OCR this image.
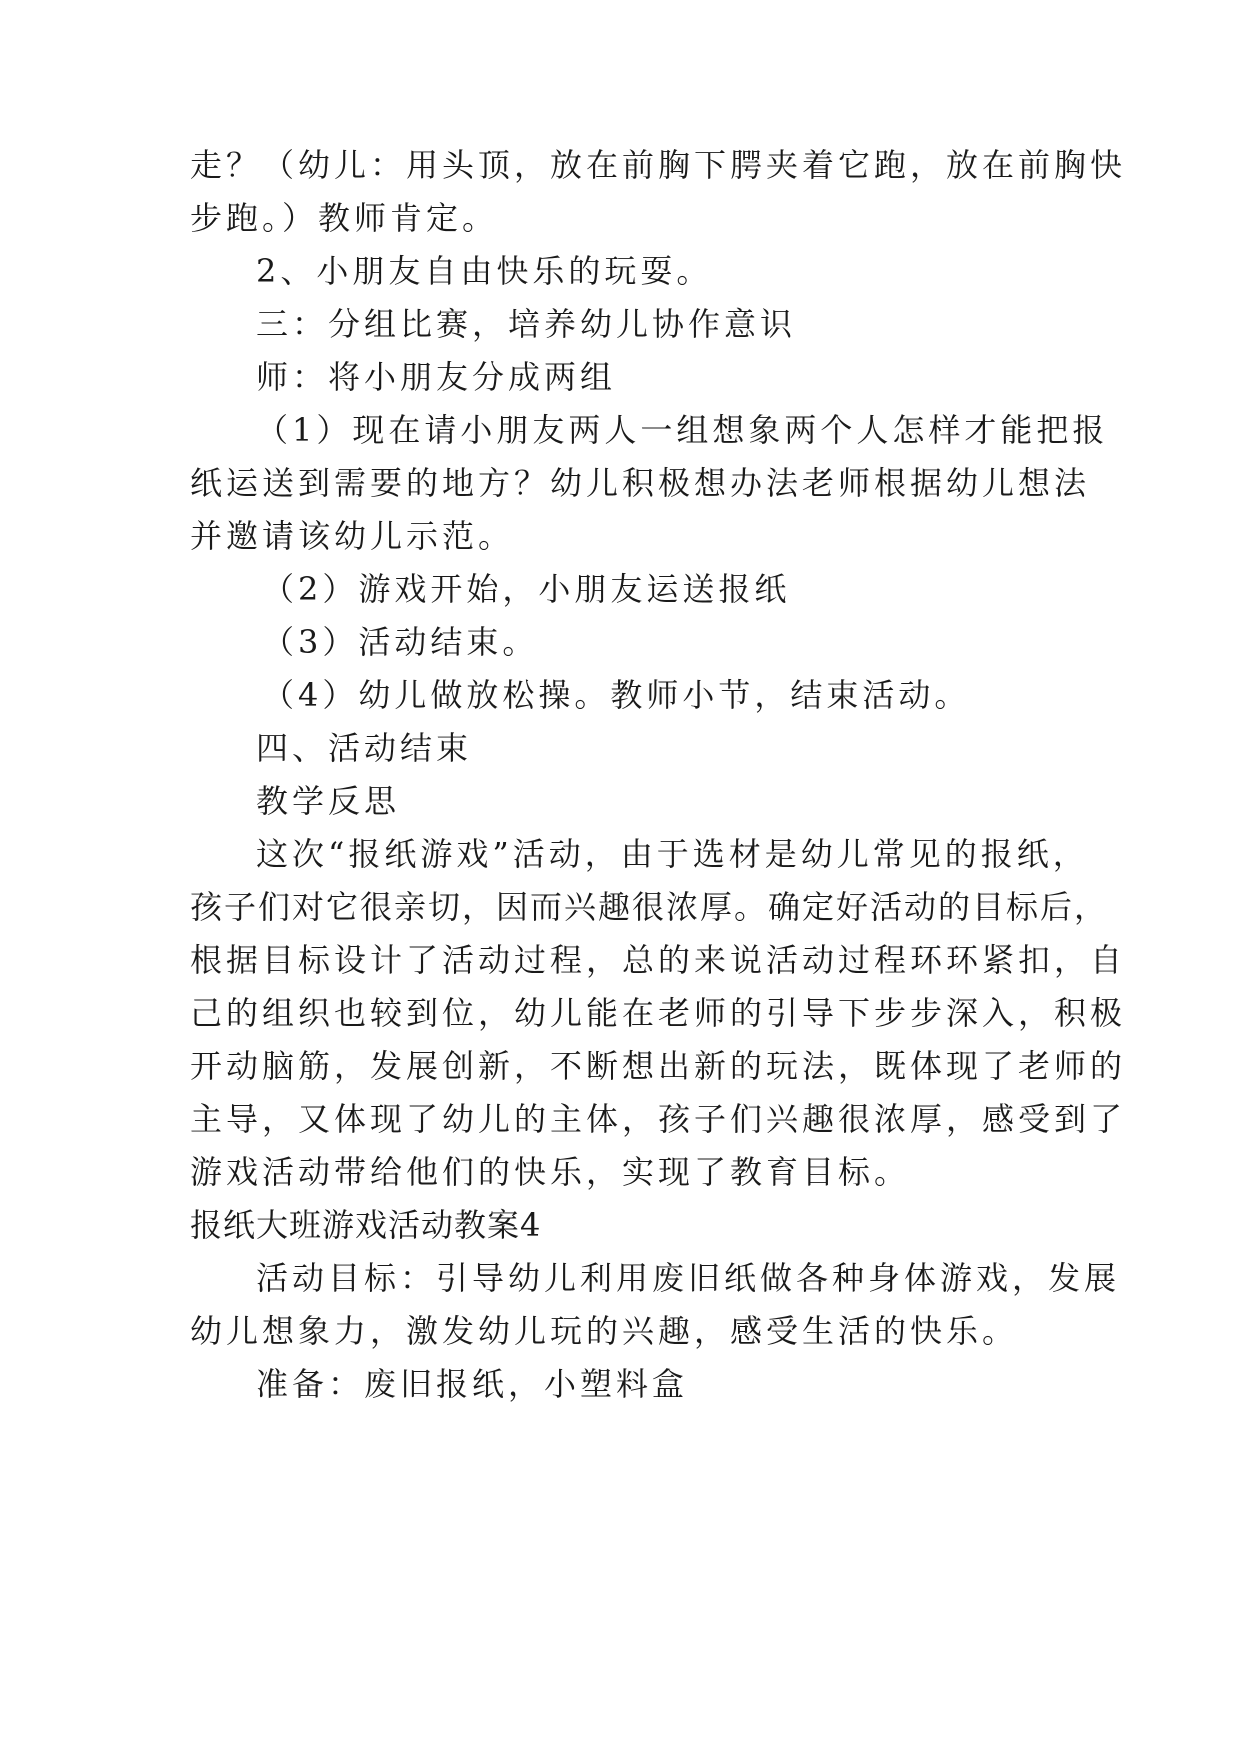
走？（幼儿：用头顶，放在前胸下腭夹着它跑，放在前胸快
步跑。）教师肯定。
2、小朋友自由快乐的玩耍。
三：分组比赛，培养幼儿协作意识
师：将小朋友分成两组
（1）现在请小朋友两人一组想象两个人怎样才能把报
纸运送到需要的地方？幼儿积极想办法老师根据幼儿想法
并邀请该幼儿示范。
（2）游戏开始，小朋友运送报纸
（3）活动结束。
（4）幼儿做放松操。教师小节，结束活动。
四、活动结束
教学反思
这次“报纸游戏”活动，由于选材是幼儿常见的报纸，
孩子们对它很亲切，因而兴趣很浓厚。确定好活动的目标后，
根据目标设计了活动过程，总的来说活动过程环环紧扣，自
己的组织也较到位，幼儿能在老师的引导下步步深入，积极
开动脑筋，发展创新，不断想出新的玩法，既体现了老师的
主导，又体现了幼儿的主体，孩子们兴趣很浓厚，感受到了
游戏活动带给他们的快乐，实现了教育目标。
报纸大班游戏活动教案4
活动目标：引导幼儿利用废旧纸做各种身体游戏，发展
幼儿想象力，激发幼儿玩的兴趣，感受生活的快乐。
准备：废旧报纸，小塑料盒
